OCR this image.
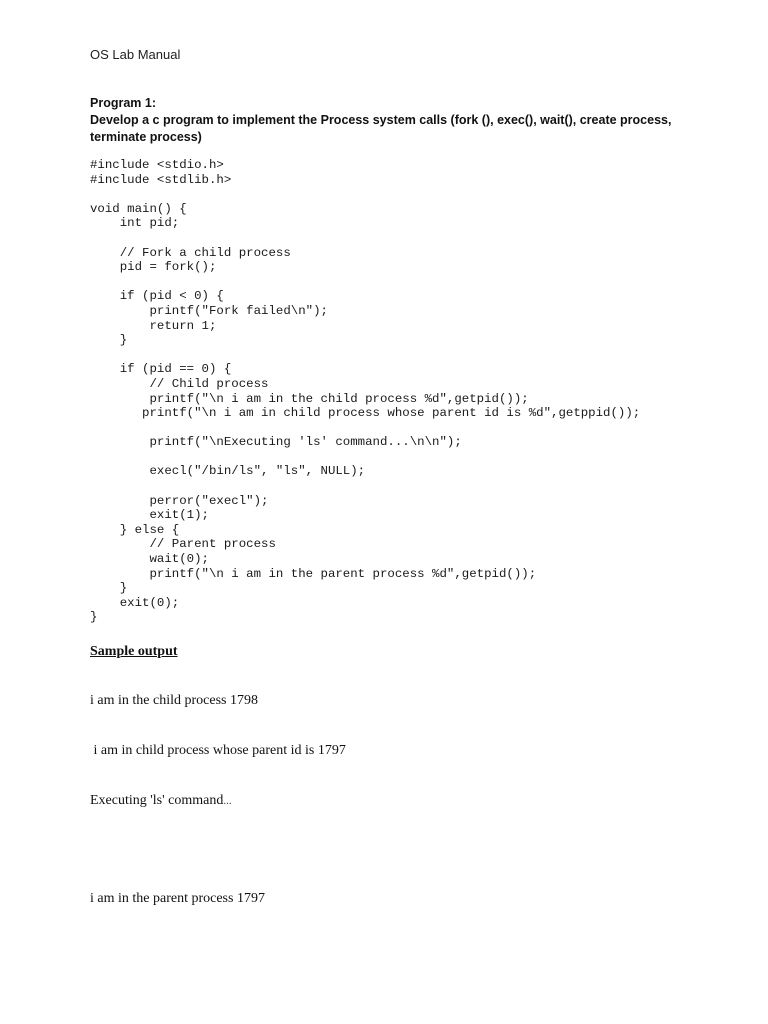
OS Lab Manual
Program 1:
Develop a c program to implement the Process system calls (fork (), exec(), wait(), create process, terminate process)
#include <stdio.h>
#include <stdlib.h>
void main() {
int pid;
// Fork a child process
pid = fork();
if (pid < 0) {
printf("Fork failed\n");
return 1;
}
if (pid == 0) {
// Child process
printf("\n i am in the child process %d",getpid());
printf("\n i am in child process whose parent id is %d",getppid());
printf("\nExecuting 'ls' command...\n\n");
execl("/bin/ls", "ls", NULL);
perror("execl");
exit(1);
} else {
// Parent process
wait(0);
printf("\n i am in the parent process %d",getpid());
}
exit(0);
}
Sample output

i am in the child process 1798

i am in child process whose parent id is 1797

Executing 'ls' command...

i am in the parent process 1797
